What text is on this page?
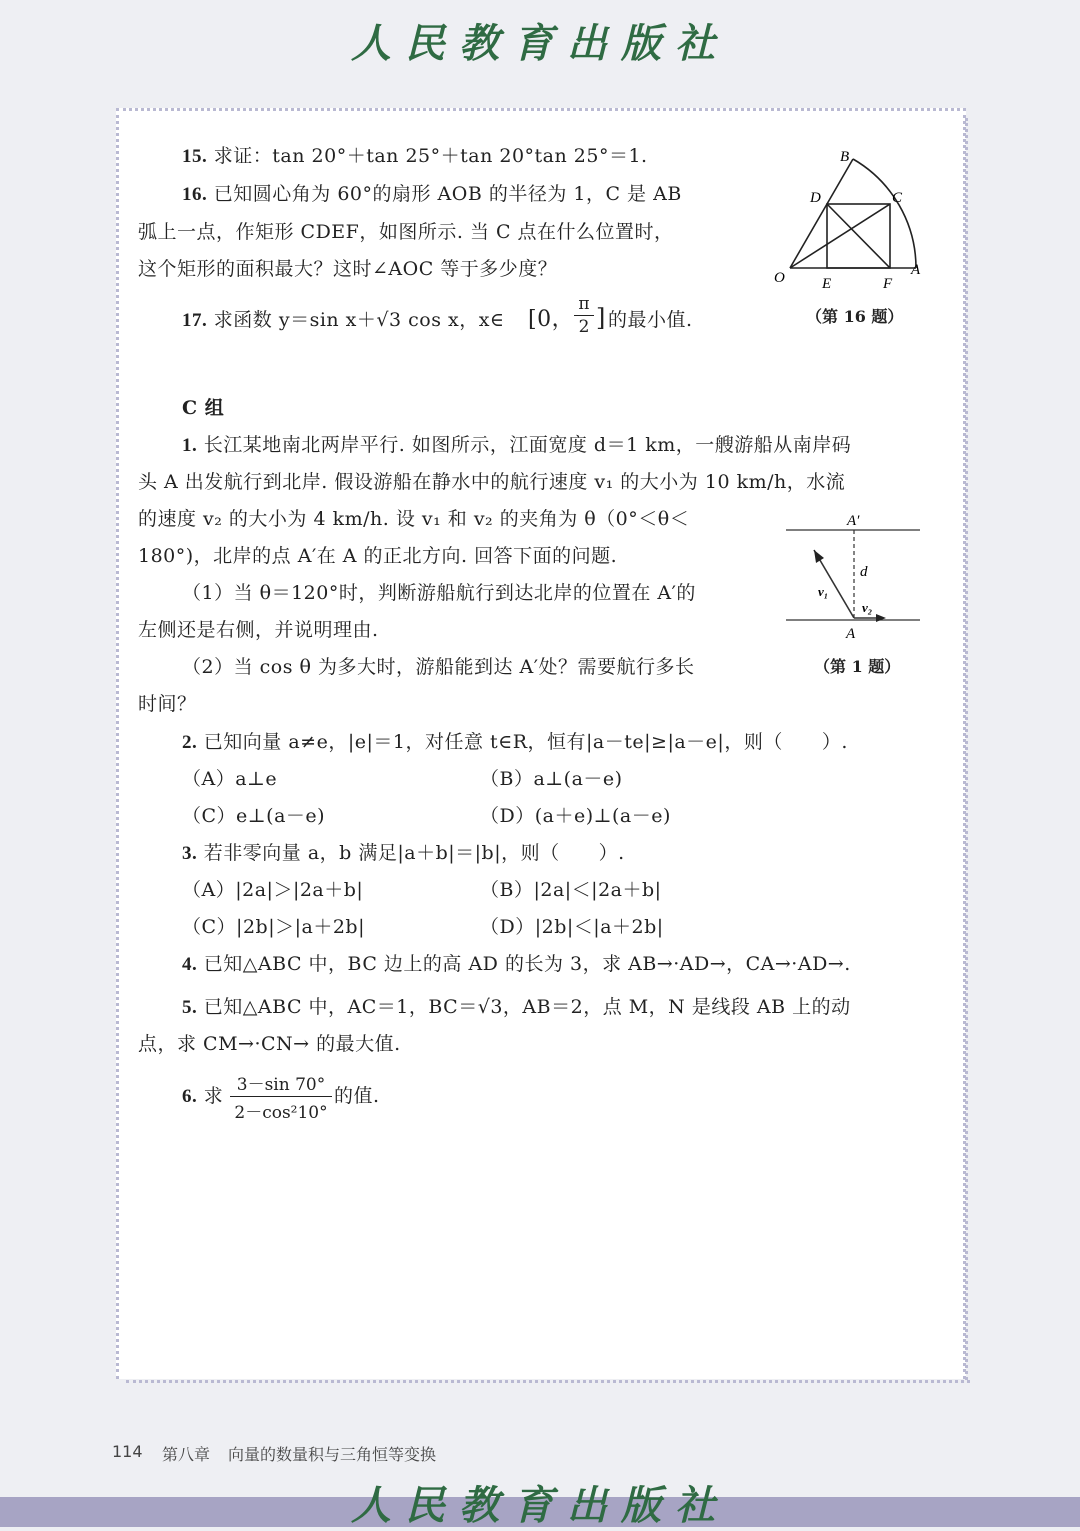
人民教育出版社
15. 求证：tan 20°＋tan 25°＋tan 20°tan 25°＝1.
16. 已知圆心角为 60°的扇形 AOB 的半径为 1，C 是 AB
弧上一点，作矩形 CDEF，如图所示. 当 C 点在什么位置时，
这个矩形的面积最大？这时∠AOC 等于多少度？
17. 求函数 y＝sin x＋√3 cos x，x∈ [0，
π
2 ] 的最小值.
B
D	C
O E	F
A
（第 16 题）
C 组
1. 长江某地南北两岸平行. 如图所示，江面宽度 d＝1 km，一艘游船从南岸码
头 A 出发航行到北岸. 假设游船在静水中的航行速度 v₁ 的大小为 10 km/h，水流
的速度 v₂ 的大小为 4 km/h. 设 v₁ 和 v₂ 的夹角为 θ（0°＜θ＜
180°)，北岸的点 A′在 A 的正北方向. 回答下面的问题.
（1）当 θ＝120°时，判断游船航行到达北岸的位置在 A′的
左侧还是右侧，并说明理由.
（2）当 cos θ 为多大时，游船能到达 A′处？需要航行多长
时间？
A′
d
v₁
v₂
A
（第 1 题）
2. 已知向量 a≠e，|e|＝1，对任意 t∈R，恒有|a－te|≥|a－e|，则（　　）.
（A）a⊥e	（B）a⊥(a－e)
（C）e⊥(a－e)	（D）(a＋e)⊥(a－e)
3. 若非零向量 a，b 满足|a＋b|＝|b|，则（　　）.
（A）|2a|＞|2a＋b|	（B）|2a|＜|2a＋b|
（C）|2b|＞|a＋2b|	（D）|2b|＜|a＋2b|
4. 已知△ABC 中，BC 边上的高 AD 的长为 3，求 AB→·AD→，CA→·AD→.
5. 已知△ABC 中，AC＝1，BC＝√3，AB＝2，点 M，N 是线段 AB 上的动
点，求 CM→·CN→ 的最大值.
6. 求 3－sin 70°
2－cos²10°
的值.
114 第八章 向量的数量积与三角恒等变换
人民教育出版社
